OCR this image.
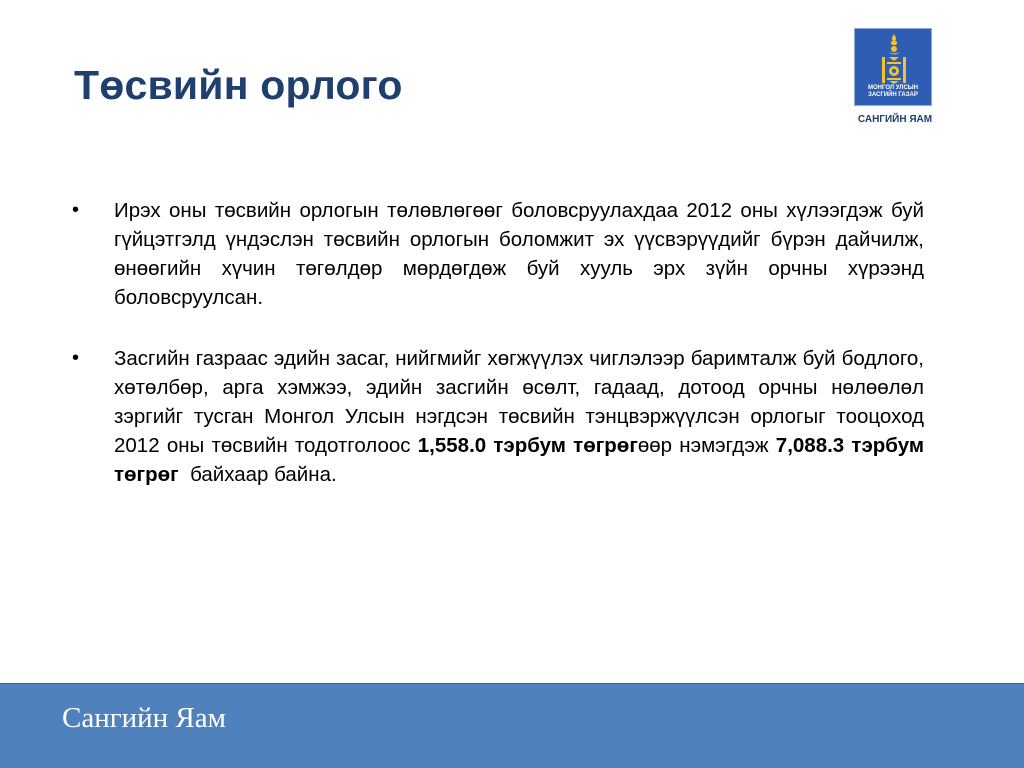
Төсвийн орлого	МОНГОЛ УЛСЫН
ЗАСГИЙН ГАЗАР
САНГИЙН ЯАМ
• Ирэх оны төсвийн орлогын төлөвлөгөөг боловсруулахдаа 2012 оны хүлээгдэж буй гүйцэтгэлд үндэслэн төсвийн орлогын боломжит эх үүсвэрүүдийг бүрэн дайчилж, өнөөгийн хүчин төгөлдөр мөрдөгдөж буй хууль эрх зүйн орчны хүрээнд боловсруулсан.

• Засгийн газраас эдийн засаг, нийгмийг хөгжүүлэх чиглэлээр баримталж буй бодлого, хөтөлбөр, арга хэмжээ, эдийн засгийн өсөлт, гадаад, дотоод орчны нөлөөлөл зэргийг тусган Монгол Улсын нэгдсэн төсвийн тэнцвэржүүлсэн орлогыг тооцоход 2012 оны төсвийн тодотголоос 1,558.0 тэрбум төгрөгөөр нэмэгдэж 7,088.3 тэрбум төгрөг  байхаар байна.

Сангийн Яам
